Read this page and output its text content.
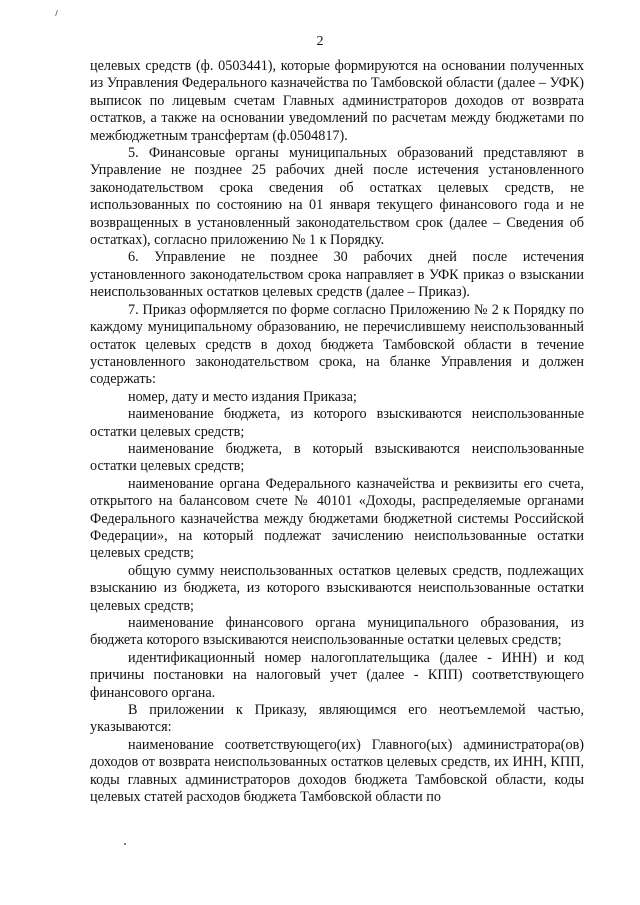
2

целевых средств (ф. 0503441), которые формируются на основании полученных из Управления Федерального казначейства по Тамбовской области (далее – УФК) выписок по лицевым счетам Главных администраторов доходов от возврата остатков, а также на основании уведомлений по расчетам между бюджетами по межбюджетным трансфертам (ф.0504817).

5. Финансовые органы муниципальных образований представляют в Управление не позднее 25 рабочих дней после истечения установленного законодательством срока сведения об остатках целевых средств, не использованных по состоянию на 01 января текущего финансового года и не возвращенных в установленный законодательством срок (далее – Сведения об остатках), согласно приложению № 1 к Порядку.

6. Управление не позднее 30 рабочих дней после истечения установленного законодательством срока направляет в УФК приказ о взыскании неиспользованных остатков целевых средств (далее – Приказ).

7. Приказ оформляется по форме согласно Приложению № 2 к Порядку по каждому муниципальному образованию, не перечислившему неиспользованный остаток целевых средств в доход бюджета Тамбовской области в течение установленного законодательством срока, на бланке Управления и должен содержать:

номер, дату и место издания Приказа;

наименование бюджета, из которого взыскиваются неиспользованные остатки целевых средств;

наименование бюджета, в который взыскиваются неиспользованные остатки целевых средств;

наименование органа Федерального казначейства и реквизиты его счета, открытого на балансовом счете № 40101 «Доходы, распределяемые органами Федерального казначейства между бюджетами бюджетной системы Российской Федерации», на который подлежат зачислению неиспользованные остатки целевых средств;

общую сумму неиспользованных остатков целевых средств, подлежащих взысканию из бюджета, из которого взыскиваются неиспользованные остатки целевых средств;

наименование финансового органа муниципального образования, из бюджета которого взыскиваются неиспользованные остатки целевых средств;

идентификационный номер налогоплательщика (далее - ИНН) и код причины постановки на налоговый учет (далее - КПП) соответствующего финансового органа.

В приложении к Приказу, являющимся его неотъемлемой частью, указываются:

наименование соответствующего(их) Главного(ых) администратора(ов) доходов от возврата неиспользованных остатков целевых средств, их ИНН, КПП, коды главных администраторов доходов бюджета Тамбовской области, коды целевых статей расходов бюджета Тамбовской области по
